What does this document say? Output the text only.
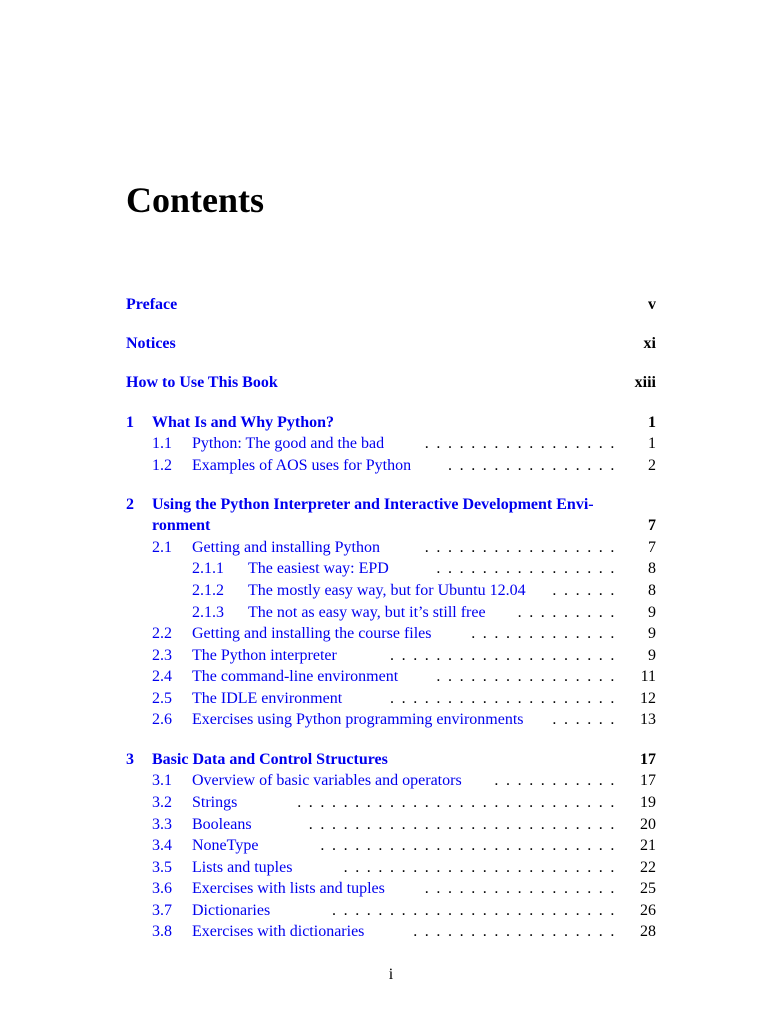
Contents
Preface	v
Notices	xi
How to Use This Book	xiii
1 What Is and Why Python?	1
1.1 Python: The good and the bad	................. 1
1.2 Examples of AOS uses for Python ............... 2
2 Using the Python Interpreter and Interactive Development Envi-
ronment	7
2.1 Getting and installing Python	................. 7
2.1.1 The easiest way: EPD	................ 8
2.1.2 The mostly easy way, but for Ubuntu 12.04 ...... 8
2.1.3 The not as easy way, but it’s still free ......... 9
2.2 Getting and installing the course files ............. 9
2.3 The Python interpreter	.................... 9
2.4 The command-line environment ................ 11
2.5 The IDLE environment	.................... 12
2.6 Exercises using Python programming environments ...... 13
3 Basic Data and Control Structures	17
3.1 Overview of basic variables and operators ........... 17
3.2 Strings	............................ 19
3.3 Booleans	........................... 20
3.4 NoneType	.......................... 21
3.5 Lists and tuples	........................ 22
3.6 Exercises with lists and tuples ................. 25
3.7 Dictionaries	......................... 26
3.8 Exercises with dictionaries	.................. 28
i
